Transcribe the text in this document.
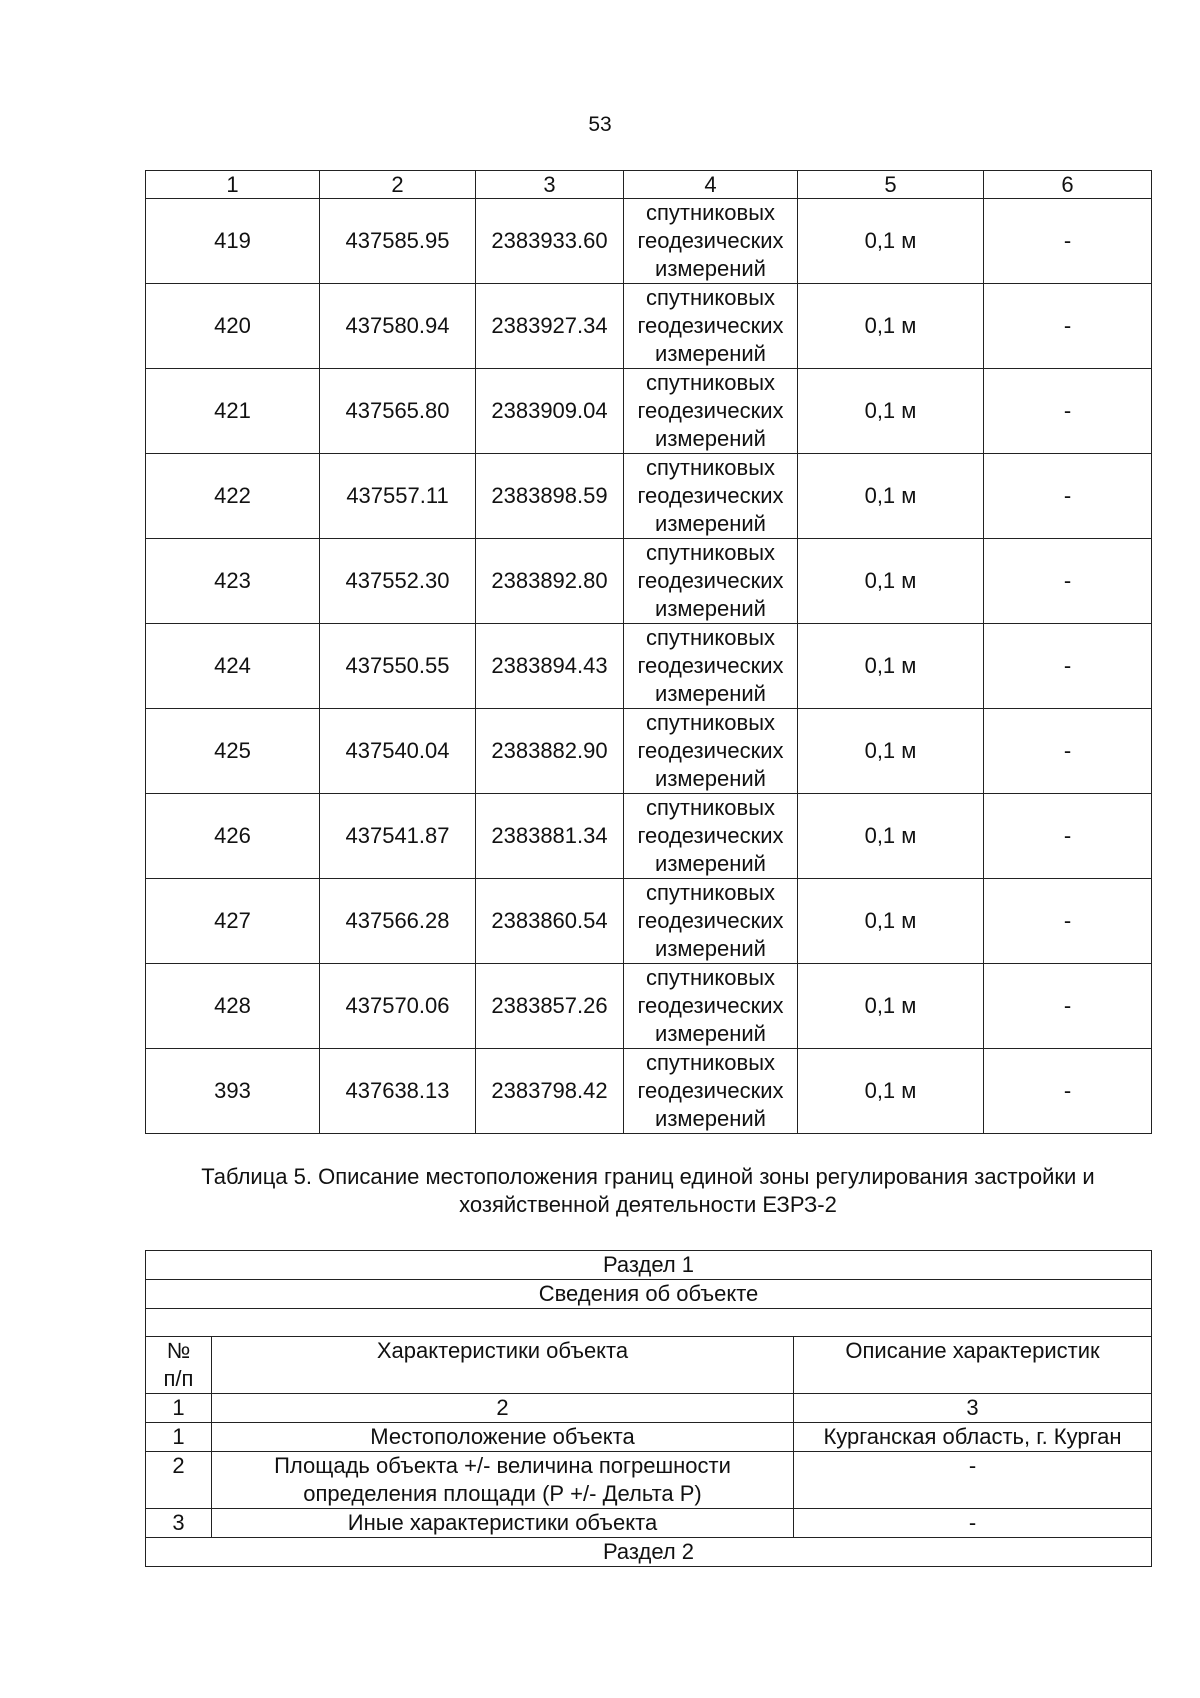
53
1	2	3	4	5	6
419	437585.95	2383933.60	спутниковых
геодезических
измерений	0,1 м	-
420	437580.94	2383927.34	спутниковых
геодезических
измерений	0,1 м	-
421	437565.80	2383909.04	спутниковых
геодезических
измерений	0,1 м	-
422	437557.11	2383898.59	спутниковых
геодезических
измерений	0,1 м	-
423	437552.30	2383892.80	спутниковых
геодезических
измерений	0,1 м	-
424	437550.55	2383894.43	спутниковых
геодезических
измерений	0,1 м	-
425	437540.04	2383882.90	спутниковых
геодезических
измерений	0,1 м	-
426	437541.87	2383881.34	спутниковых
геодезических
измерений	0,1 м	-
427	437566.28	2383860.54	спутниковых
геодезических
измерений	0,1 м	-
428	437570.06	2383857.26	спутниковых
геодезических
измерений	0,1 м	-
393	437638.13	2383798.42	спутниковых
геодезических
измерений	0,1 м	-
Таблица 5. Описание местоположения границ единой зоны регулирования застройки и
хозяйственной деятельности ЕЗРЗ-2
Раздел 1		
Сведения об объекте		

№
п/п	Характеристики объекта	Описание характеристик
1	2	3
1	Местоположение объекта	Курганская область, г. Курган
2	Площадь объекта +/- величина погрешности
определения площади (Р +/- Дельта Р)	-
3	Иные характеристики объекта	-
Раздел 2		
